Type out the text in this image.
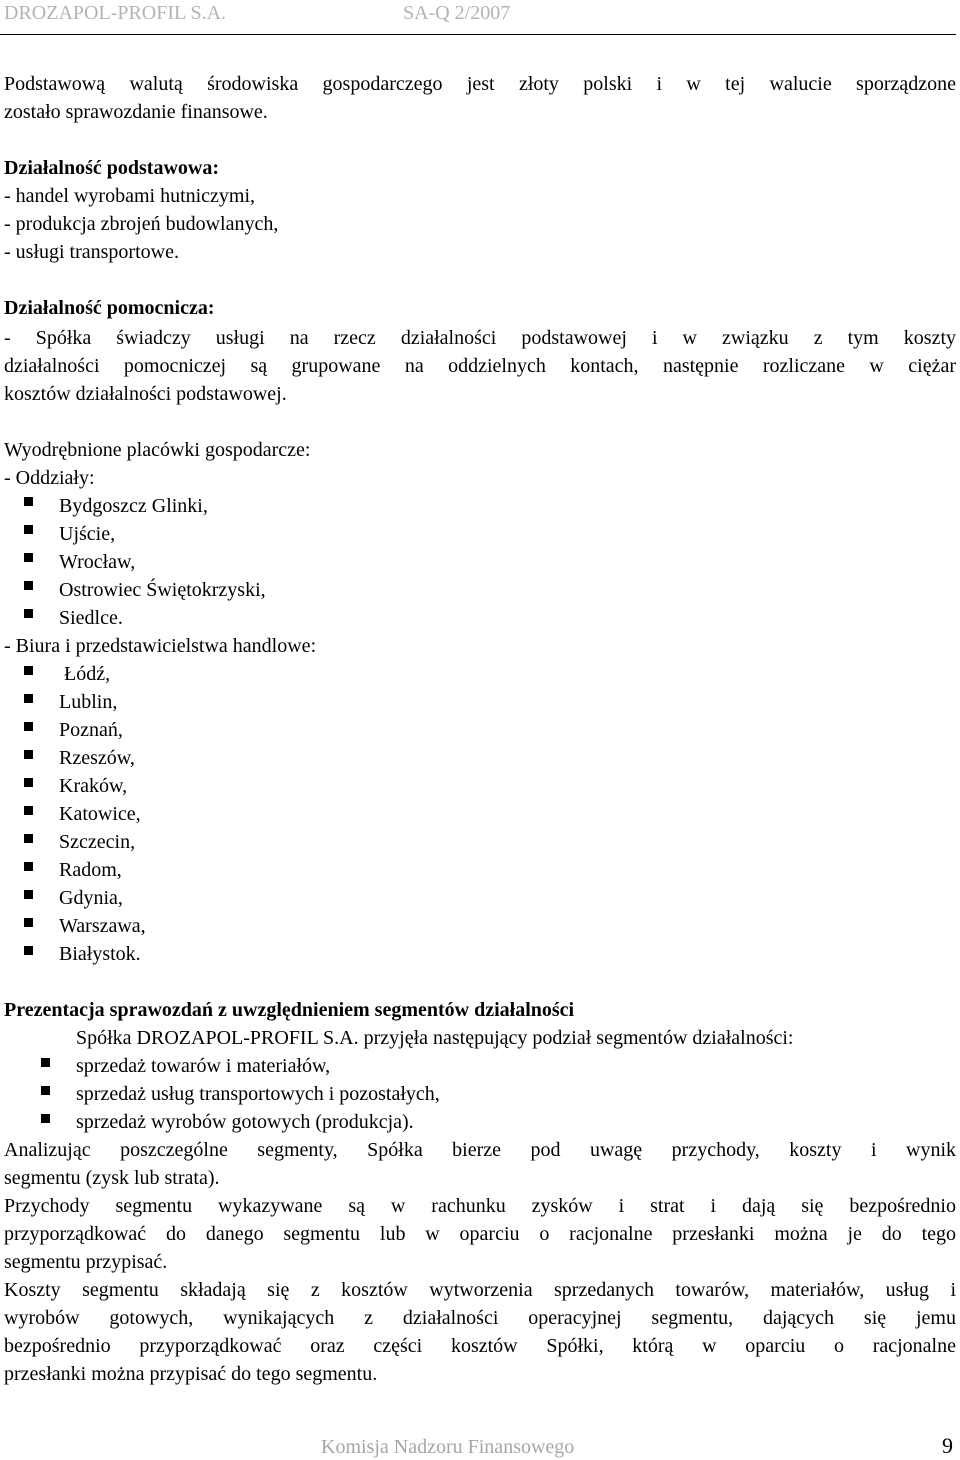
DROZAPOL-PROFIL S.A.	SA-Q 2/2007
Podstawową walutą środowiska gospodarczego jest złoty polski i w tej walucie sporządzone
zostało sprawozdanie finansowe.
Działalność podstawowa:
- handel wyrobami hutniczymi,
- produkcja zbrojeń budowlanych,
- usługi transportowe.
Działalność pomocnicza:
- Spółka świadczy usługi na rzecz działalności podstawowej i w związku z tym koszty
działalności pomocniczej są grupowane na oddzielnych kontach, następnie rozliczane w ciężar
kosztów działalności podstawowej.
Wyodrębnione placówki gospodarcze:
- Oddziały:
Bydgoszcz Glinki,
Ujście,
Wrocław,
Ostrowiec Świętokrzyski,
Siedlce.
- Biura i przedstawicielstwa handlowe:
Łódź,
Lublin,
Poznań,
Rzeszów,
Kraków,
Katowice,
Szczecin,
Radom,
Gdynia,
Warszawa,
Białystok.
Prezentacja sprawozdań z uwzględnieniem segmentów działalności
Spółka DROZAPOL-PROFIL S.A. przyjęła następujący podział segmentów działalności:
sprzedaż towarów i materiałów,
sprzedaż usług transportowych i pozostałych,
sprzedaż wyrobów gotowych (produkcja).
Analizując poszczególne segmenty, Spółka bierze pod uwagę przychody, koszty i wynik
segmentu (zysk lub strata).
Przychody segmentu wykazywane są w rachunku zysków i strat i dają się bezpośrednio
przyporządkować do danego segmentu lub w oparciu o racjonalne przesłanki można je do tego
segmentu przypisać.
Koszty segmentu składają się z kosztów wytworzenia sprzedanych towarów, materiałów, usług i
wyrobów gotowych, wynikających z działalności operacyjnej segmentu, dających się jemu
bezpośrednio przyporządkować oraz części kosztów Spółki, którą w oparciu o racjonalne
przesłanki można przypisać do tego segmentu.
Komisja Nadzoru Finansowego	9
